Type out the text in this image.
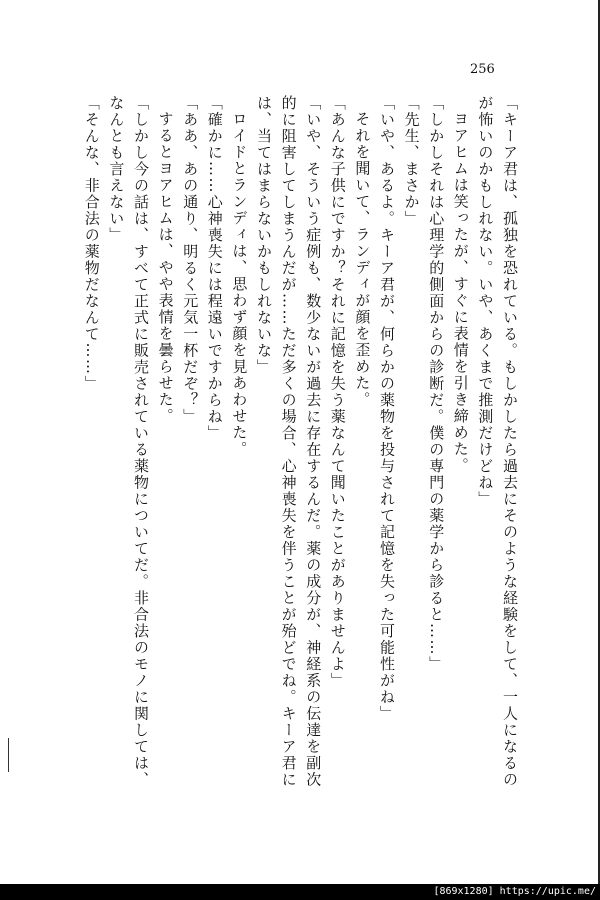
256
「キーア君は、孤独を恐れている。もしかしたら過去にそのような経験をして、一人になるの
が怖いのかもしれない。いや、あくまで推測だけどね」
ヨアヒムは笑ったが、すぐに表情を引き締めた。
「しかしそれは心理学的側面からの診断だ。僕の専門の薬学から診ると……」
「先生、まさか」
「いや、あるよ。キーア君が、何らかの薬物を投与されて記憶を失った可能性がね」
それを聞いて、ランディが顔を歪めた。
「あんな子供にですか？それに記憶を失う薬なんて聞いたことがありませんよ」
「いや、そういう症例も、数少ないが過去に存在するんだ。薬の成分が、神経系の伝達を副次
的に阻害してしまうんだが……ただ多くの場合、心神喪失を伴うことが殆どでね。キーア君に
は、当てはまらないかもしれないな」
ロイドとランディは、思わず顔を見あわせた。
「確かに……心神喪失には程遠いですからね」
「ああ、あの通り、明るく元気一杯だぞ？」
するとヨアヒムは、やや表情を曇らせた。
「しかし今の話は、すべて正式に販売されている薬物についてだ。非合法のモノに関しては、
なんとも言えない」
「そんな、非合法の薬物だなんて……」
[869x1280] https://upic.me/
